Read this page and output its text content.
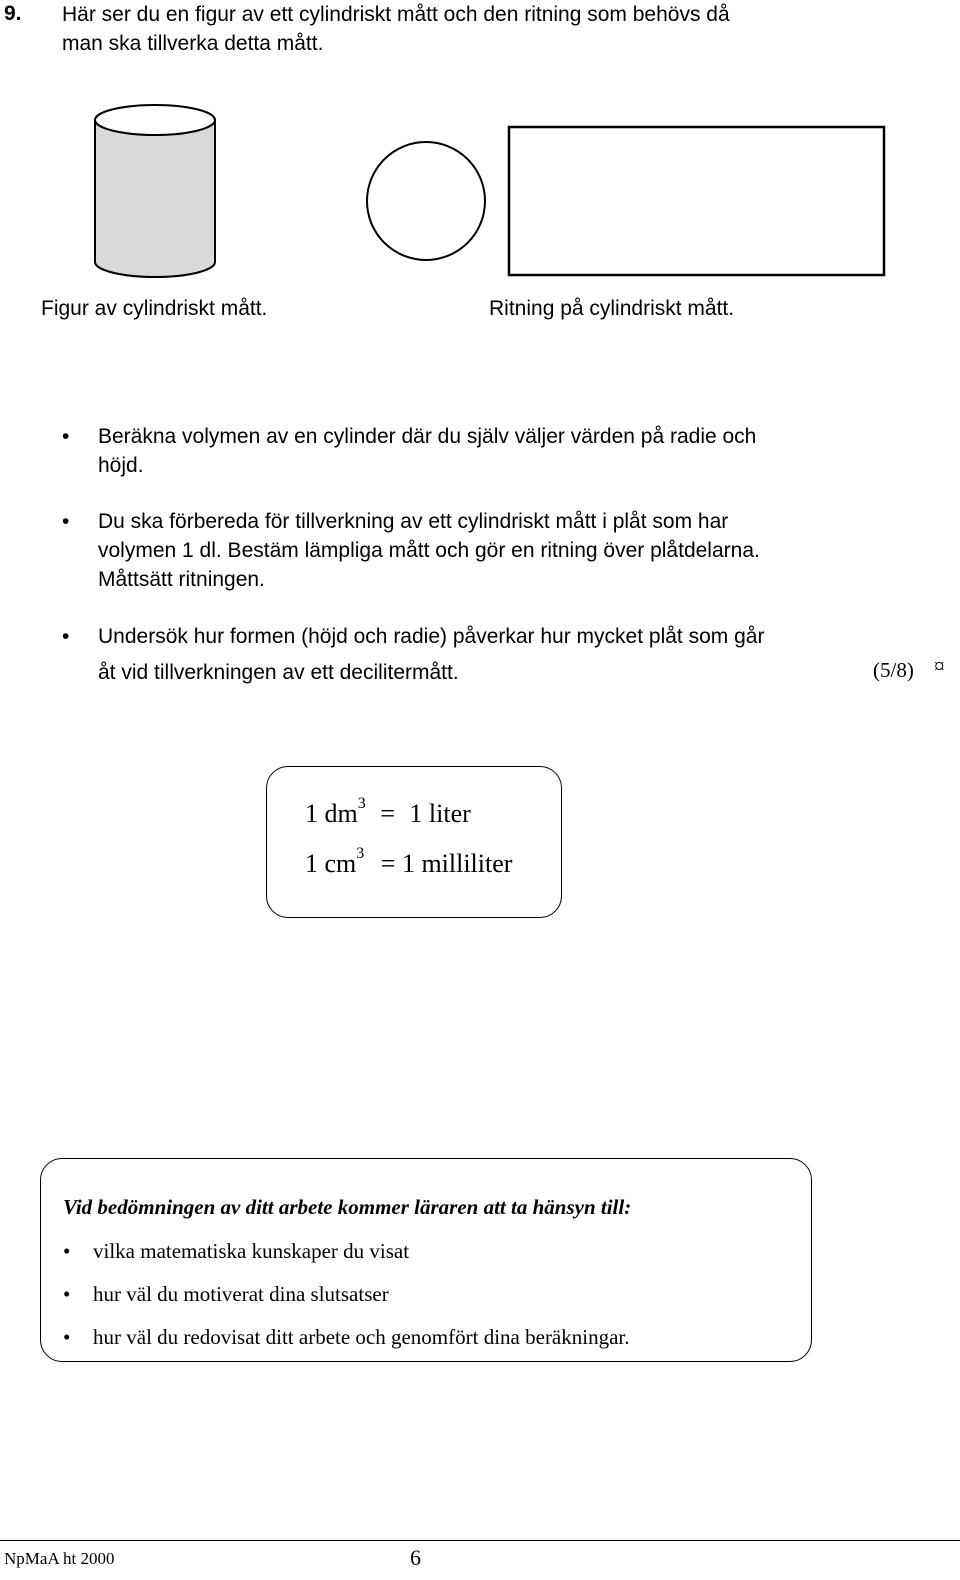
9. Här ser du en figur av ett cylindriskt mått och den ritning som behövs då
man ska tillverka detta mått.
Figur av cylindriskt mått.	Ritning på cylindriskt mått.
• Beräkna volymen av en cylinder där du själv väljer värden på radie och
höjd.
• Du ska förbereda för tillverkning av ett cylindriskt mått i plåt som har
volymen 1 dl. Bestäm lämpliga mått och gör en ritning över plåtdelarna.
Måttsätt ritningen.
• Undersök hur formen (höjd och radie) påverkar hur mycket plåt som går
åt vid tillverkningen av ett decilitermått.	(5/8) ¤
1 $dm^3 = 1$ liter
1 $cm^3 = 1$ milliliter
Vid bedömningen av ditt arbete kommer läraren att ta hänsyn till:
• vilka matematiska kunskaper du visat
• hur väl du motiverat dina slutsatser
• hur väl du redovisat ditt arbete och genomfört dina beräkningar.
NpMaA ht 2000	6
